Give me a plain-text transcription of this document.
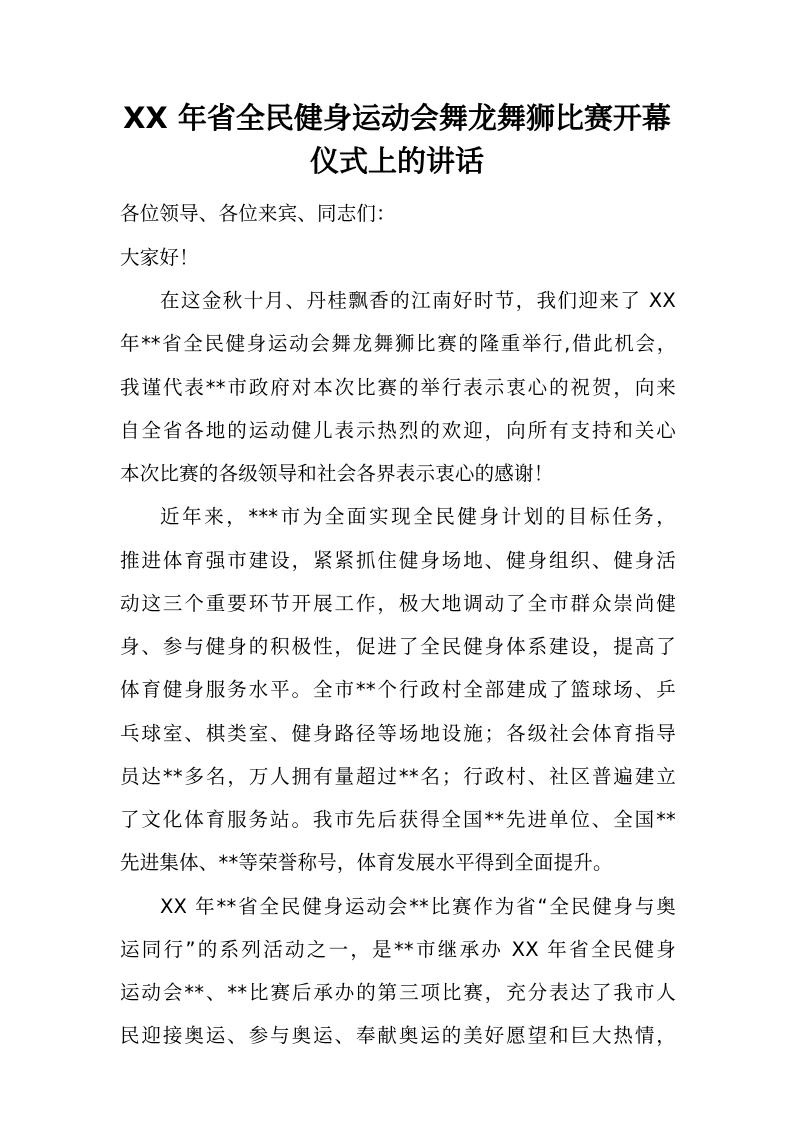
XX 年省全民健身运动会舞龙舞狮比赛开幕
仪式上的讲话
各位领导、各位来宾、同志们：
大家好！
在这金秋十月、丹桂飘香的江南好时节，我们迎来了 XX
年**省全民健身运动会舞龙舞狮比赛的隆重举行,借此机会，
我谨代表**市政府对本次比赛的举行表示衷心的祝贺，向来
自全省各地的运动健儿表示热烈的欢迎，向所有支持和关心
本次比赛的各级领导和社会各界表示衷心的感谢！
近年来，***市为全面实现全民健身计划的目标任务，
推进体育强市建设，紧紧抓住健身场地、健身组织、健身活
动这三个重要环节开展工作，极大地调动了全市群众崇尚健
身、参与健身的积极性，促进了全民健身体系建设，提高了
体育健身服务水平。全市**个行政村全部建成了篮球场、乒
乓球室、棋类室、健身路径等场地设施；各级社会体育指导
员达**多名，万人拥有量超过**名；行政村、社区普遍建立
了文化体育服务站。我市先后获得全国**先进单位、全国**
先进集体、**等荣誉称号，体育发展水平得到全面提升。
XX 年**省全民健身运动会**比赛作为省“全民健身与奥
运同行”的系列活动之一，是**市继承办 XX 年省全民健身
运动会**、**比赛后承办的第三项比赛，充分表达了我市人
民迎接奥运、参与奥运、奉献奥运的美好愿望和巨大热情，
